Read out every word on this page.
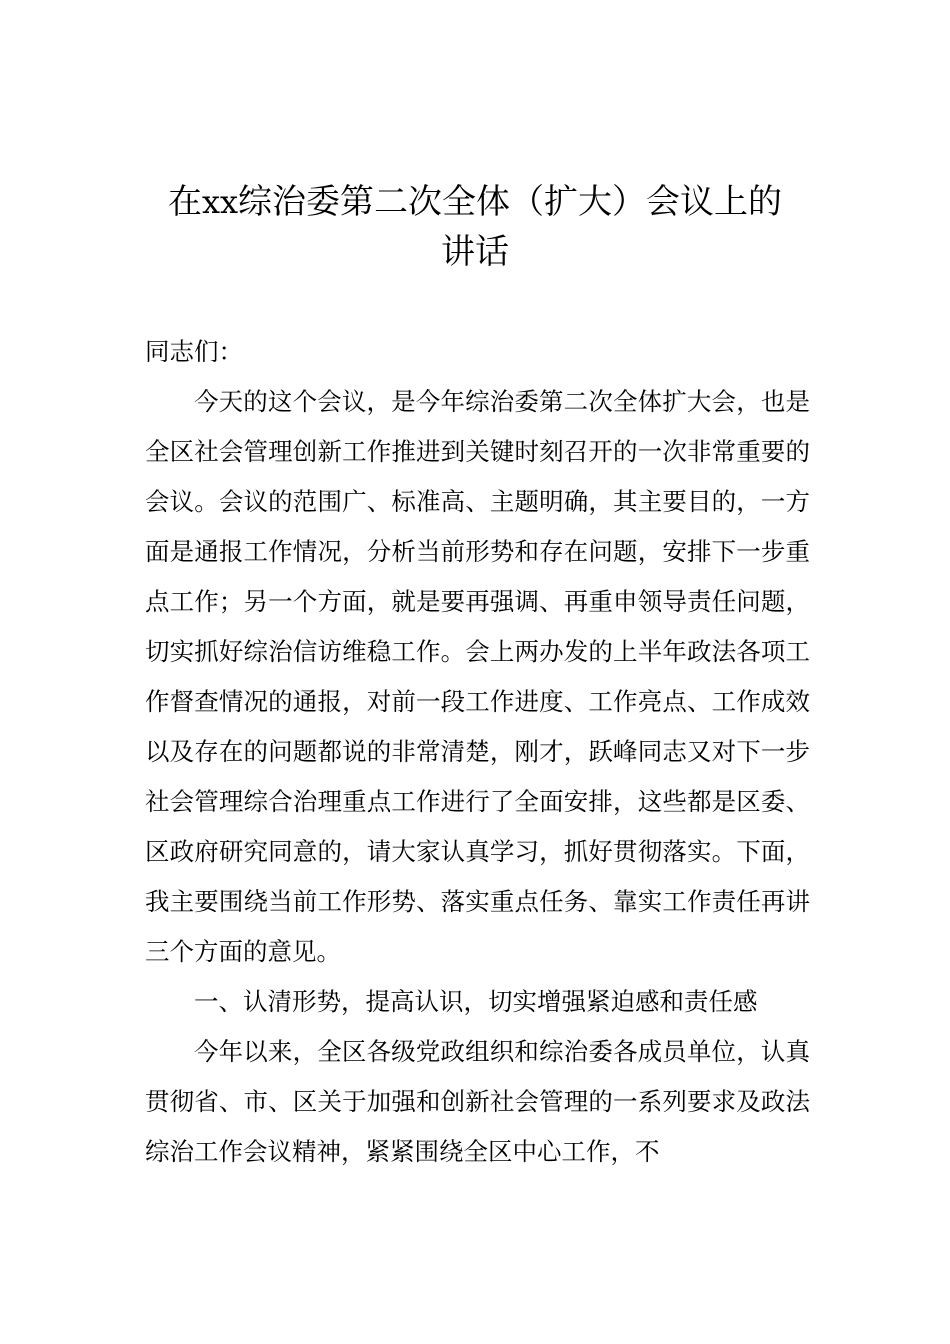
在xx综治委第二次全体（扩大）会议上的
讲话

同志们：

今天的这个会议，是今年综治委第二次全体扩大会，也是全区社会管理创新工作推进到关键时刻召开的一次非常重要的会议。会议的范围广、标准高、主题明确，其主要目的，一方面是通报工作情况，分析当前形势和存在问题，安排下一步重点工作；另一个方面，就是要再强调、再重申领导责任问题，切实抓好综治信访维稳工作。会上两办发的上半年政法各项工作督查情况的通报，对前一段工作进度、工作亮点、工作成效以及存在的问题都说的非常清楚，刚才，跃峰同志又对下一步社会管理综合治理重点工作进行了全面安排，这些都是区委、区政府研究同意的，请大家认真学习，抓好贯彻落实。下面，我主要围绕当前工作形势、落实重点任务、靠实工作责任再讲三个方面的意见。

一、认清形势，提高认识，切实增强紧迫感和责任感

今年以来，全区各级党政组织和综治委各成员单位，认真贯彻省、市、区关于加强和创新社会管理的一系列要求及政法综治工作会议精神，紧紧围绕全区中心工作，不
